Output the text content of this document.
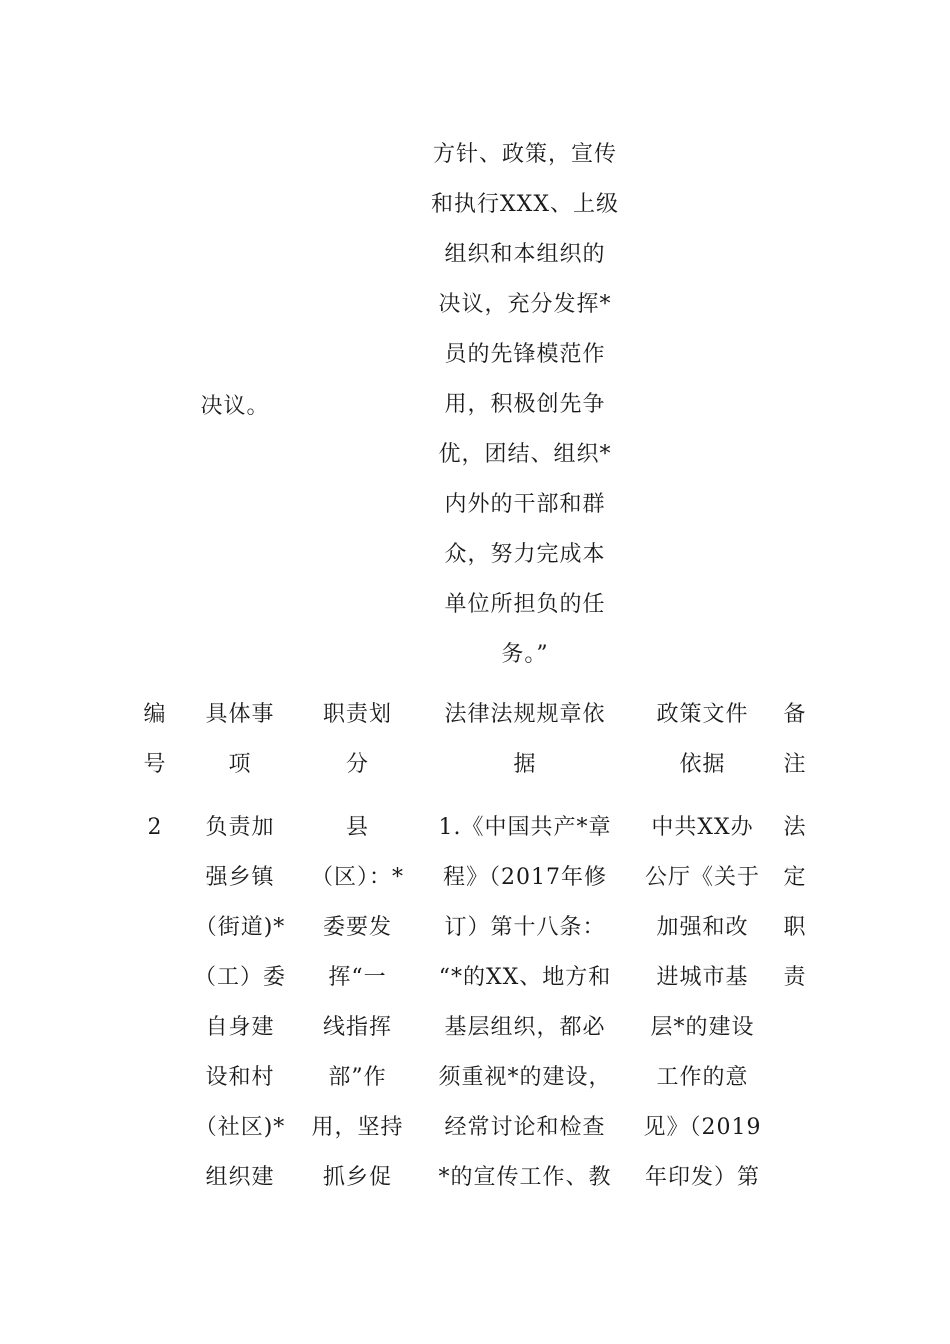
决议。
方针、政策，宣传
和执行XXX、上级
组织和本组织的
决议，充分发挥*
员的先锋模范作
用，积极创先争
优，团结、组织*
内外的干部和群
众，努力完成本
单位所担负的任
务。”
编
号
具体事
项
职责划
分
法律法规规章依
据
政策文件
依据
备
注
2 负责加
强乡镇
（街道)*
（工）委
自身建
设和村
（社区)*
组织建
县
（区）：*
委要发
挥“一
线指挥
部”作
用，坚持
抓乡促
1.《中国共产*章
程》（2017年修
订）第十八条：
“*的XX、地方和
基层组织，都必
须重视*的建设，
经常讨论和检查
*的宣传工作、教
中共XX办
公厅《关于
加强和改
进城市基
层*的建设
工作的意
见》（2019
年印发）第
法
定
职
责
